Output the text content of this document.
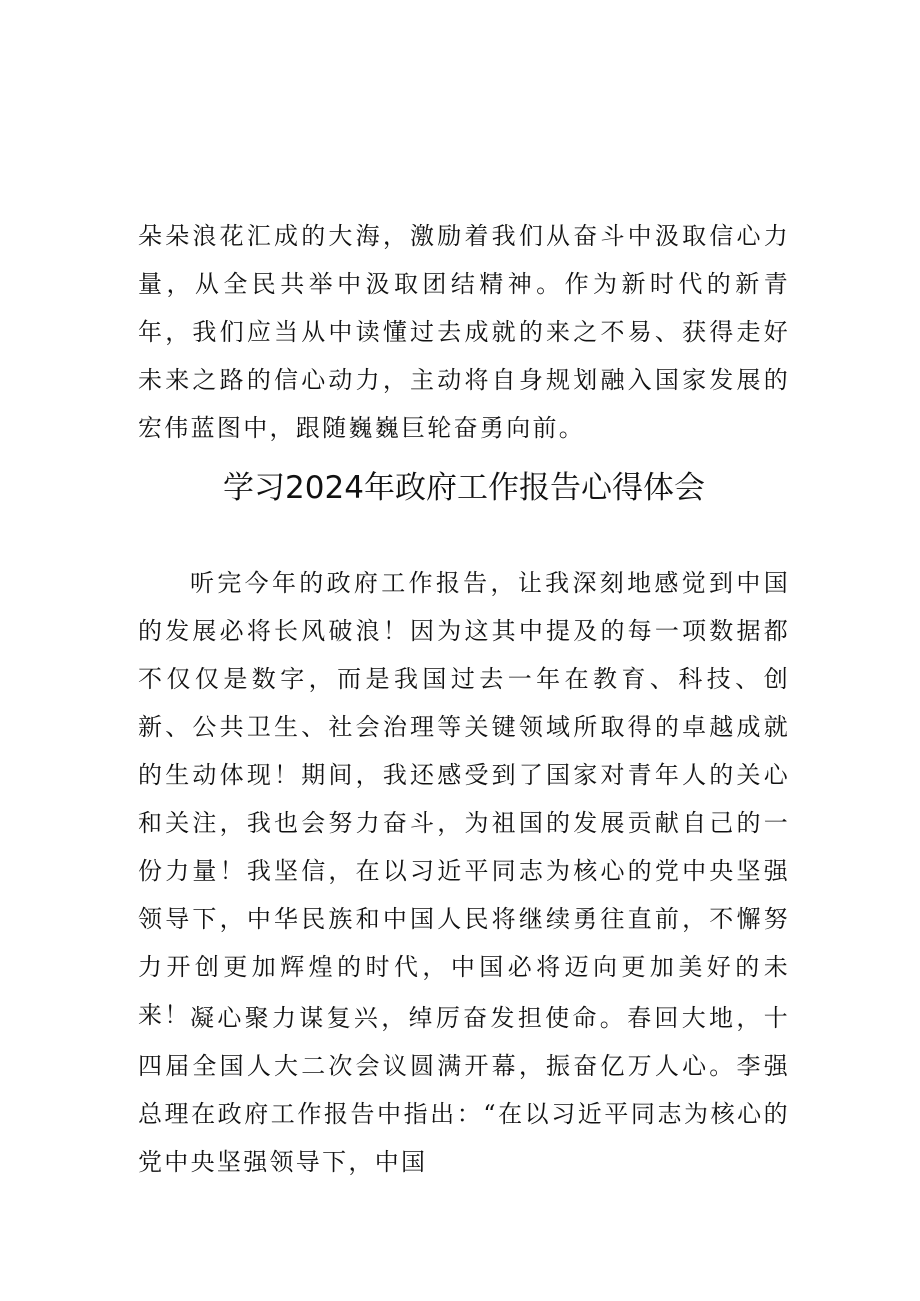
朵朵浪花汇成的大海，激励着我们从奋斗中汲取信心力量，从全民共举中汲取团结精神。作为新时代的新青年，我们应当从中读懂过去成就的来之不易、获得走好未来之路的信心动力，主动将自身规划融入国家发展的宏伟蓝图中，跟随巍巍巨轮奋勇向前。

学习2024年政府工作报告心得体会

听完今年的政府工作报告，让我深刻地感觉到中国的发展必将长风破浪！因为这其中提及的每一项数据都不仅仅是数字，而是我国过去一年在教育、科技、创新、公共卫生、社会治理等关键领域所取得的卓越成就的生动体现！期间，我还感受到了国家对青年人的关心和关注，我也会努力奋斗，为祖国的发展贡献自己的一份力量！我坚信，在以习近平同志为核心的党中央坚强领导下，中华民族和中国人民将继续勇往直前，不懈努力开创更加辉煌的时代，中国必将迈向更加美好的未来！ 凝心聚力谋复兴，绰厉奋发担使命。春回大地，十四届全国人大二次会议圆满开幕，振奋亿万人心。李强总理在政府工作报告中指出：“在以习近平同志为核心的党中央坚强领导下，中国
